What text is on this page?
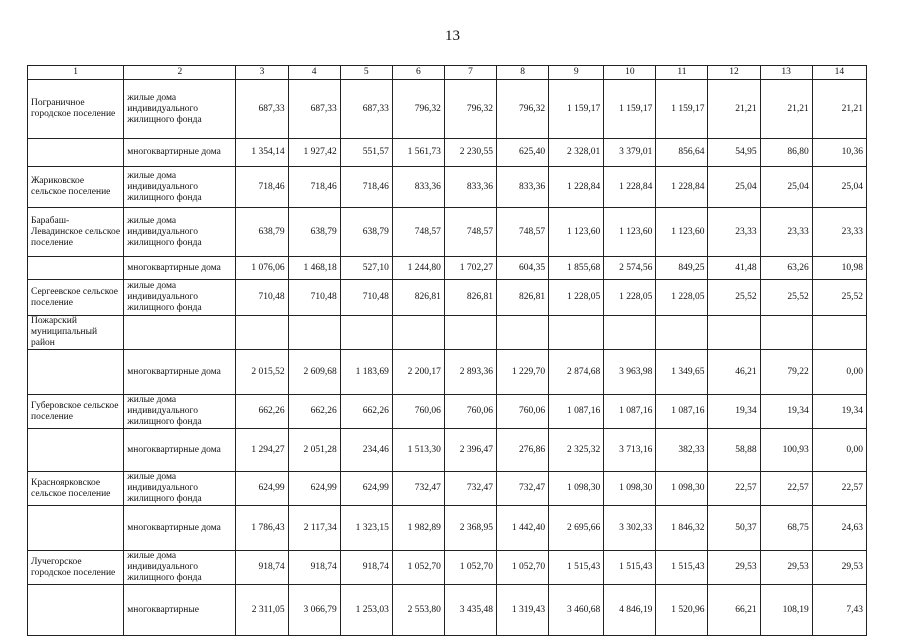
13
1	2	3	4	5	6	7	8	9	10	11	12	13	14
Пограничное городское поселение	жилые дома индивидуального жилищного фонда	687,33	687,33	687,33	796,32	796,32	796,32	1 159,17	1 159,17	1 159,17	21,21	21,21	21,21
	многоквартирные дома	1 354,14	1 927,42	551,57	1 561,73	2 230,55	625,40	2 328,01	3 379,01	856,64	54,95	86,80	10,36
Жариковское сельское поселение	жилые дома индивидуального жилищного фонда	718,46	718,46	718,46	833,36	833,36	833,36	1 228,84	1 228,84	1 228,84	25,04	25,04	25,04
Барабаш-Левадинское сельское поселение	жилые дома индивидуального жилищного фонда	638,79	638,79	638,79	748,57	748,57	748,57	1 123,60	1 123,60	1 123,60	23,33	23,33	23,33
	многоквартирные дома	1 076,06	1 468,18	527,10	1 244,80	1 702,27	604,35	1 855,68	2 574,56	849,25	41,48	63,26	10,98
Сергеевское сельское поселение	жилые дома индивидуального жилищного фонда	710,48	710,48	710,48	826,81	826,81	826,81	1 228,05	1 228,05	1 228,05	25,52	25,52	25,52
Пожарский муниципальный район													
	многоквартирные дома	2 015,52	2 609,68	1 183,69	2 200,17	2 893,36	1 229,70	2 874,68	3 963,98	1 349,65	46,21	79,22	0,00
Губеровское сельское поселение	жилые дома индивидуального жилищного фонда	662,26	662,26	662,26	760,06	760,06	760,06	1 087,16	1 087,16	1 087,16	19,34	19,34	19,34
	многоквартирные дома	1 294,27	2 051,28	234,46	1 513,30	2 396,47	276,86	2 325,32	3 713,16	382,33	58,88	100,93	0,00
Красноярковское сельское поселение	жилые дома индивидуального жилищного фонда	624,99	624,99	624,99	732,47	732,47	732,47	1 098,30	1 098,30	1 098,30	22,57	22,57	22,57
	многоквартирные дома	1 786,43	2 117,34	1 323,15	1 982,89	2 368,95	1 442,40	2 695,66	3 302,33	1 846,32	50,37	68,75	24,63
Лучегорское городское поселение	жилые дома индивидуального жилищного фонда	918,74	918,74	918,74	1 052,70	1 052,70	1 052,70	1 515,43	1 515,43	1 515,43	29,53	29,53	29,53
	многоквартирные	2 311,05	3 066,79	1 253,03	2 553,80	3 435,48	1 319,43	3 460,68	4 846,19	1 520,96	66,21	108,19	7,43
